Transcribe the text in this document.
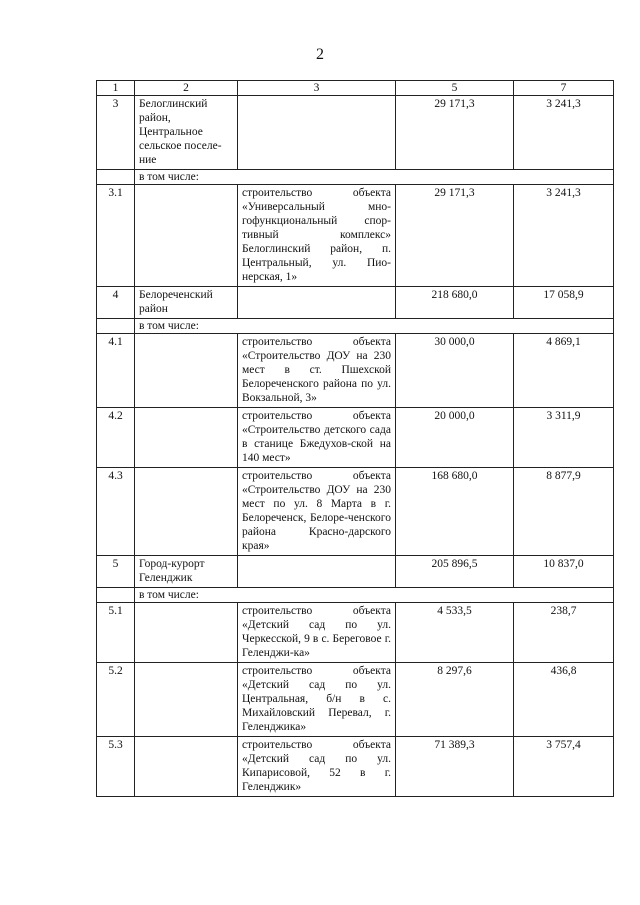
2
1	2	3	5	7
3	Белоглинский район, Центральное сельское поселе-ние		29 171,3	3 241,3
	в том числе:			
3.1		строительство объекта «Универсальный мно-гофункциональный спор-тивный комплекс» Белоглинский район, п. Центральный, ул. Пио-нерская, 1»	29 171,3	3 241,3
4	Белореченский район		218 680,0	17 058,9
	в том числе:			
4.1		строительство объекта «Строительство ДОУ на 230 мест в ст. Пшехской Белореченского района по ул. Вокзальной, 3»	30 000,0	4 869,1
4.2		строительство объекта «Строительство детского сада в станице Бжедухов-ской на 140 мест»	20 000,0	3 311,9
4.3		строительство объекта «Строительство ДОУ на 230 мест по ул. 8 Марта в г. Белореченск, Белоре-ченского района Красно-дарского края»	168 680,0	8 877,9
5	Город-курорт Геленджик		205 896,5	10 837,0
	в том числе:			
5.1		строительство объекта «Детский сад по ул. Черкесской, 9 в с. Береговое г. Геленджи-ка»	4 533,5	238,7
5.2		строительство объекта «Детский сад по ул. Центральная, б/н в с. Михайловский Перевал, г. Геленджика»	8 297,6	436,8
5.3		строительство объекта «Детский сад по ул. Кипарисовой, 52 в г. Геленджик»	71 389,3	3 757,4
